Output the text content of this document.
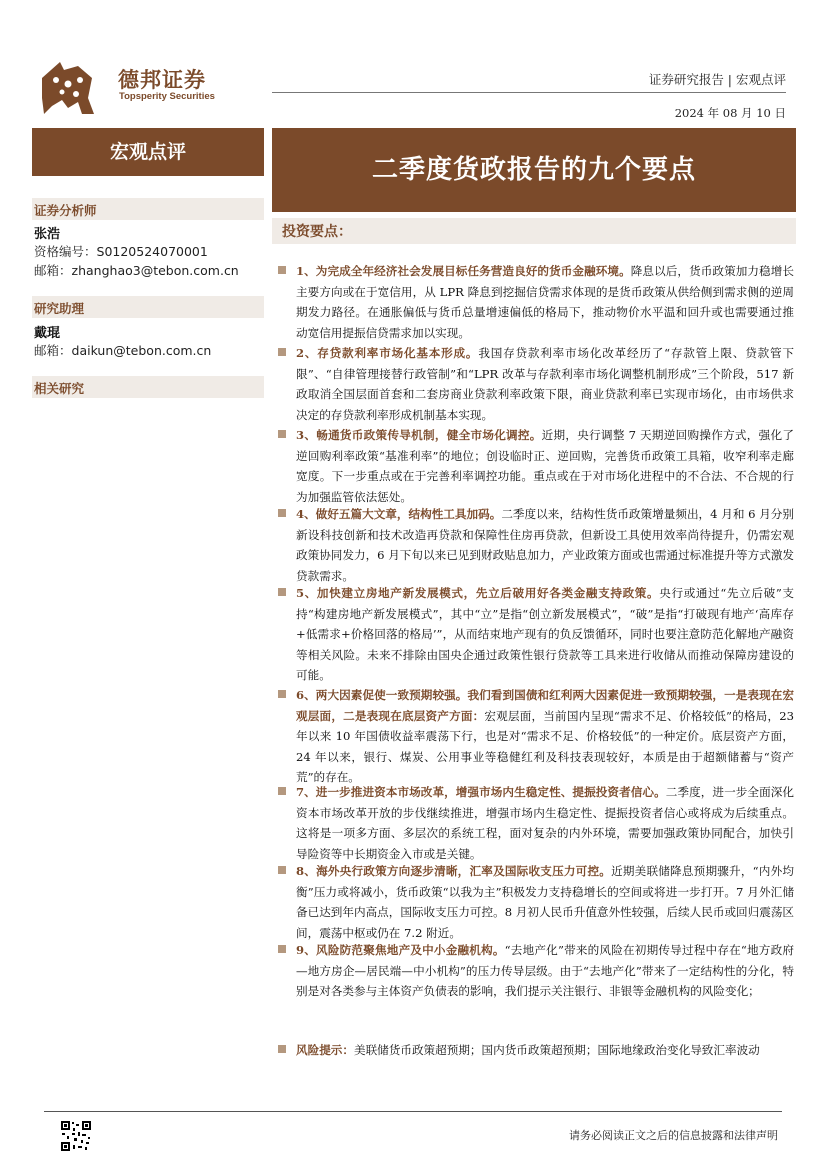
德邦证券
Topsperity Securities
证券研究报告 | 宏观点评
2024 年 08 月 10 日
宏观点评
证券分析师
张浩
资格编号：S0120524070001
邮箱：zhanghao3@tebon.com.cn
研究助理
戴琨
邮箱：daikun@tebon.com.cn
相关研究
二季度货政报告的九个要点
投资要点：

1、为完成全年经济社会发展目标任务营造良好的货币金融环境。降息以后，货币政策加力稳增长主要方向或在于宽信用，从 LPR 降息到挖掘信贷需求体现的是货币政策从供给侧到需求侧的逆周期发力路径。在通胀偏低与货币总量增速偏低的格局下，推动物价水平温和回升或也需要通过推动宽信用提振信贷需求加以实现。

2、存贷款利率市场化基本形成。我国存贷款利率市场化改革经历了“存款管上限、贷款管下限”、“自律管理接替行政管制”和“LPR 改革与存款利率市场化调整机制形成”三个阶段，517 新政取消全国层面首套和二套房商业贷款利率政策下限，商业贷款利率已实现市场化，由市场供求决定的存贷款利率形成机制基本实现。

3、畅通货币政策传导机制，健全市场化调控。近期，央行调整 7 天期逆回购操作方式，强化了逆回购利率政策“基准利率”的地位；创设临时正、逆回购，完善货币政策工具箱，收窄利率走廊宽度。下一步重点或在于完善利率调控功能。重点或在于对市场化进程中的不合法、不合规的行为加强监管依法惩处。

4、做好五篇大文章，结构性工具加码。二季度以来，结构性货币政策增量频出，4 月和 6 月分别新设科技创新和技术改造再贷款和保障性住房再贷款，但新设工具使用效率尚待提升，仍需宏观政策协同发力，6 月下旬以来已见到财政贴息加力，产业政策方面或也需通过标准提升等方式激发贷款需求。

5、加快建立房地产新发展模式，先立后破用好各类金融支持政策。央行或通过“先立后破”支持“构建房地产新发展模式”，其中“立”是指“创立新发展模式”，“破”是指“打破现有地产‘高库存+低需求+价格回落的格局’”，从而结束地产现有的负反馈循环，同时也要注意防范化解地产融资等相关风险。未来不排除由国央企通过政策性银行贷款等工具来进行收储从而推动保障房建设的可能。

6、两大因素促使一致预期较强。我们看到国债和红利两大因素促进一致预期较强，一是表现在宏观层面，二是表现在底层资产方面：宏观层面，当前国内呈现“需求不足、价格较低”的格局，23 年以来 10 年国债收益率震荡下行，也是对“需求不足、价格较低”的一种定价。底层资产方面，24 年以来，银行、煤炭、公用事业等稳健红利及科技表现较好，本质是由于超额储蓄与“资产荒”的存在。

7、进一步推进资本市场改革，增强市场内生稳定性、提振投资者信心。二季度，进一步全面深化资本市场改革开放的步伐继续推进，增强市场内生稳定性、提振投资者信心或将成为后续重点。这将是一项多方面、多层次的系统工程，面对复杂的内外环境，需要加强政策协同配合，加快引导险资等中长期资金入市或是关键。

8、海外央行政策方向逐步清晰，汇率及国际收支压力可控。近期美联储降息预期骤升，“内外均衡”压力或将减小，货币政策“以我为主”积极发力支持稳增长的空间或将进一步打开。7 月外汇储备已达到年内高点，国际收支压力可控。8 月初人民币升值意外性较强，后续人民币或回归震荡区间，震荡中枢或仍在 7.2 附近。

9、风险防范聚焦地产及中小金融机构。“去地产化”带来的风险在初期传导过程中存在“地方政府—地方房企—居民端—中小机构”的压力传导层级。由于“去地产化”带来了一定结构性的分化，特别是对各类参与主体资产负债表的影响，我们提示关注银行、非银等金融机构的风险变化；

风险提示：美联储货币政策超预期；国内货币政策超预期；国际地缘政治变化导致汇率波动

请务必阅读正文之后的信息披露和法律声明
